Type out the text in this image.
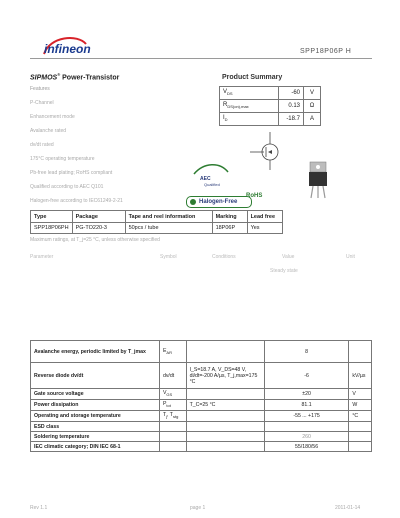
infineon	SPP18P06P H
SIPMOS® Power-Transistor
Features
P-Channel
Enhancement mode
Avalanche rated
dv/dt rated
175°C operating temperature
Pb-free lead plating; RoHS compliant
Qualified according to AEC Q101
Halogen-free according to IEC61249-2-21
Product Summary
$V_{DS}$	-60	V
$R_{DS(on),max}$	0.13	Ω
$I_D$	-18.7	A
AEC
Qualified
RoHS
Halogen-Free
Type	Package	Tape and reel information	Marking	Lead free
SPP18P06PH	PG-TO220-3	50pcs / tube	18P06P	Yes
Maximum ratings, at T_j=25 °C, unless otherwise specified
Parameter	Symbol	Conditions	Value	Unit
Steady state
Avalanche energy, periodic limited by T_jmax	$E_{AR}$		8	
Reverse diode dv/dt	dv/dt	I_S=18.7 A, V_DS=48 V, di/dt=-200 A/µs, T_j,max=175 °C	-6	kV/µs
Gate source voltage	$V_{GS}$		±20	V
Power dissipation	$P_{tot}$	T_C=25 °C	81.1	W
Operating and storage temperature	$T_j$, $T_{stg}$		-55 ... +175	°C
ESD class				
Soldering temperature			260	
IEC climatic category; DIN IEC 68-1			55/180/56	
Rev 1.1	page 1	2011-01-14
